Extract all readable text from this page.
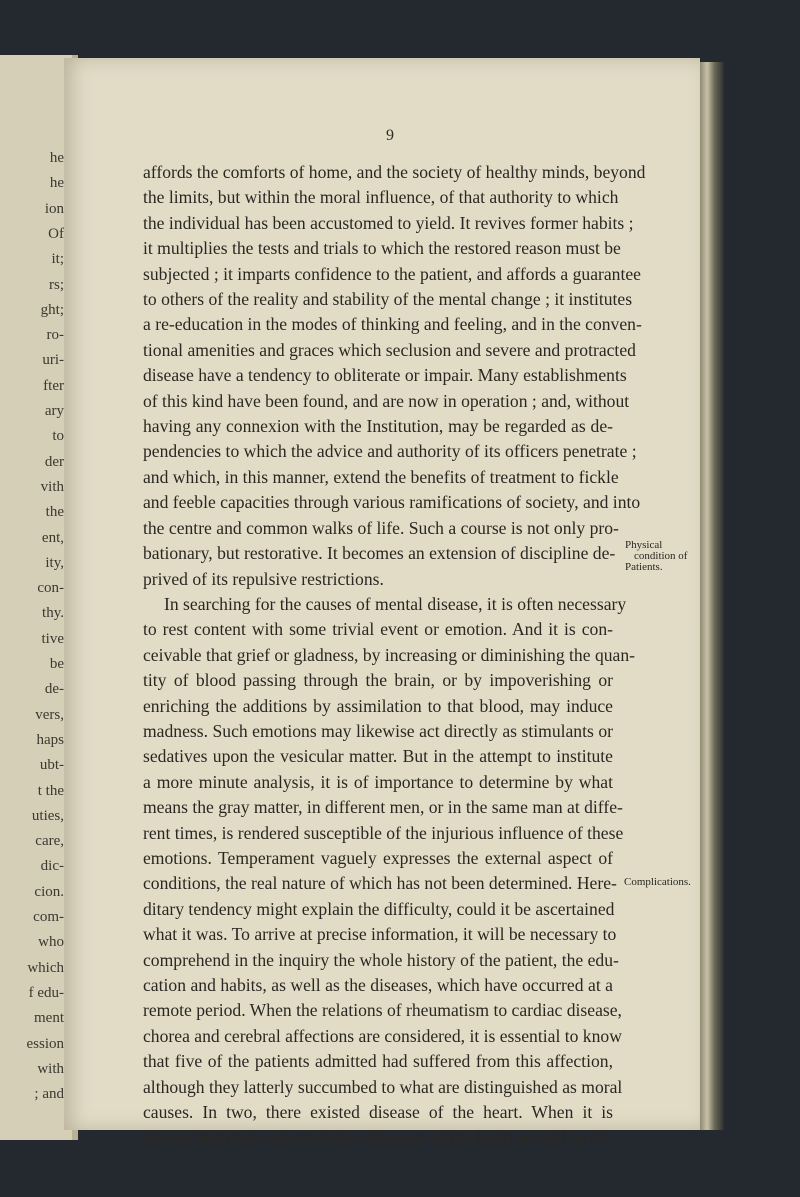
he
he
ion
Of
it;
rs;
ght;
ro-
uri-
fter
ary
to
der
vith
the
ent,
ity,
con-
thy.
tive
be
de-
vers,
haps
ubt-
t the
uties,
care,
dic-
cion.
com-
who
which
f edu-
ment
ession
with
; and
9
affords the comforts of home, and the society of healthy minds, beyond
the limits, but within the moral influence, of that authority to which
the individual has been accustomed to yield. It revives former habits ;
it multiplies the tests and trials to which the restored reason must be
subjected ; it imparts confidence to the patient, and affords a guarantee
to others of the reality and stability of the mental change ; it institutes
a re-education in the modes of thinking and feeling, and in the conven-
tional amenities and graces which seclusion and severe and protracted
disease have a tendency to obliterate or impair. Many establishments
of this kind have been found, and are now in operation ; and, without
having any connexion with the Institution, may be regarded as de-
pendencies to which the advice and authority of its officers penetrate ;
and which, in this manner, extend the benefits of treatment to fickle
and feeble capacities through various ramifications of society, and into
the centre and common walks of life. Such a course is not only pro-
bationary, but restorative. It becomes an extension of discipline de-
prived of its repulsive restrictions.
In searching for the causes of mental disease, it is often necessary
to rest content with some trivial event or emotion. And it is con-
ceivable that grief or gladness, by increasing or diminishing the quan-
tity of blood passing through the brain, or by impoverishing or
enriching the additions by assimilation to that blood, may induce
madness. Such emotions may likewise act directly as stimulants or
sedatives upon the vesicular matter. But in the attempt to institute
a more minute analysis, it is of importance to determine by what
means the gray matter, in different men, or in the same man at diffe-
rent times, is rendered susceptible of the injurious influence of these
emotions. Temperament vaguely expresses the external aspect of
conditions, the real nature of which has not been determined. Here-
ditary tendency might explain the difficulty, could it be ascertained
what it was. To arrive at precise information, it will be necessary to
comprehend in the inquiry the whole history of the patient, the edu-
cation and habits, as well as the diseases, which have occurred at a
remote period. When the relations of rheumatism to cardiac disease,
chorea and cerebral affections are considered, it is essential to know
that five of the patients admitted had suffered from this affection,
although they latterly succumbed to what are distinguished as moral
causes. In two, there existed disease of the heart. When it is
known that there are scrofulous diseases of the brain as well as of
Physical
condition of
Patients.
Complications.
